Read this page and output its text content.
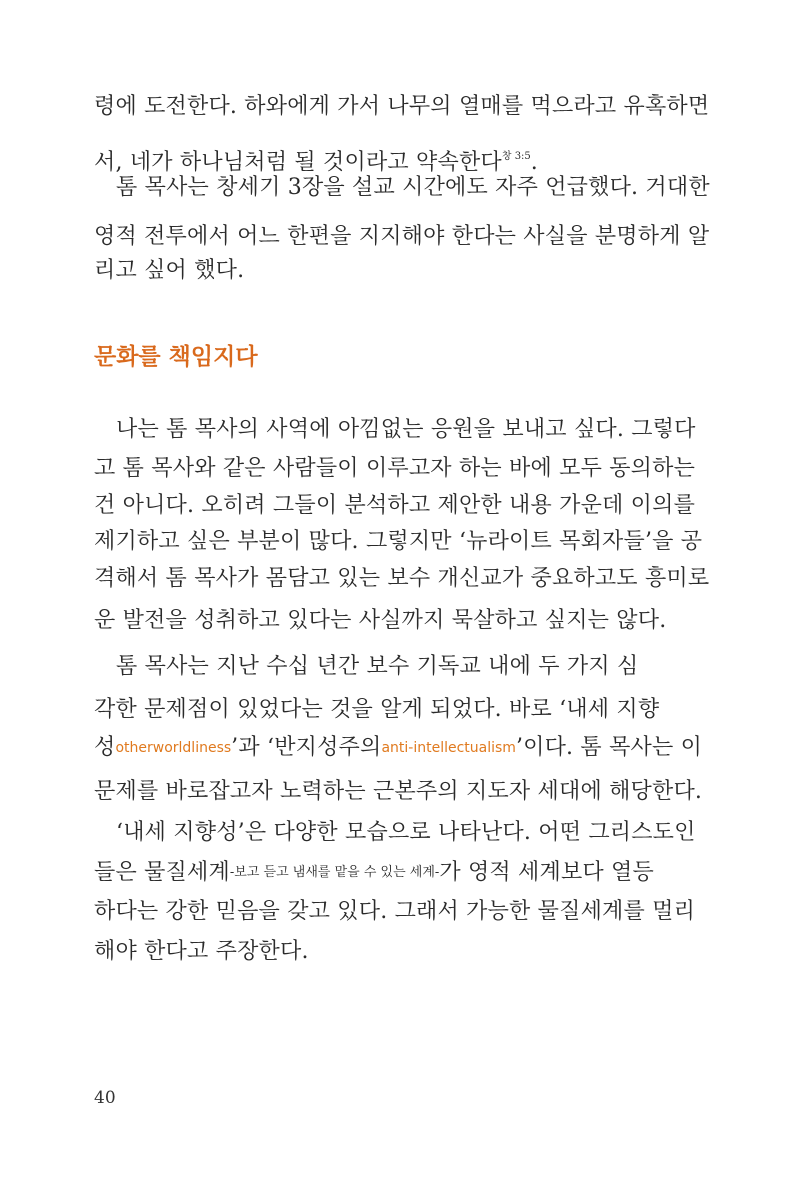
령에 도전한다. 하와에게 가서 나무의 열매를 먹으라고 유혹하면
서, 네가 하나님처럼 될 것이라고 약속한다$^{창 3:5}$.
톰 목사는 창세기 3장을 설교 시간에도 자주 언급했다. 거대한
영적 전투에서 어느 한편을 지지해야 한다는 사실을 분명하게 알
리고 싶어 했다.
문화를 책임지다
나는 톰 목사의 사역에 아낌없는 응원을 보내고 싶다. 그렇다
고 톰 목사와 같은 사람들이 이루고자 하는 바에 모두 동의하는
건 아니다. 오히려 그들이 분석하고 제안한 내용 가운데 이의를
제기하고 싶은 부분이 많다. 그렇지만 ‘뉴라이트 목회자들’을 공
격해서 톰 목사가 몸담고 있는 보수 개신교가 중요하고도 흥미로
운 발전을 성취하고 있다는 사실까지 묵살하고 싶지는 않다.
톰 목사는 지난 수십 년간 보수 기독교 내에 두 가지 심
각한 문제점이 있었다는 것을 알게 되었다. 바로 ‘내세 지향
성otherworldliness’과 ‘반지성주의anti-intellectualism’이다. 톰 목사는 이
문제를 바로잡고자 노력하는 근본주의 지도자 세대에 해당한다.
‘내세 지향성’은 다양한 모습으로 나타난다. 어떤 그리스도인
들은 물질세계-보고 듣고 냄새를 맡을 수 있는 세계-가 영적 세계보다 열등
하다는 강한 믿음을 갖고 있다. 그래서 가능한 물질세계를 멀리
해야 한다고 주장한다.
40
